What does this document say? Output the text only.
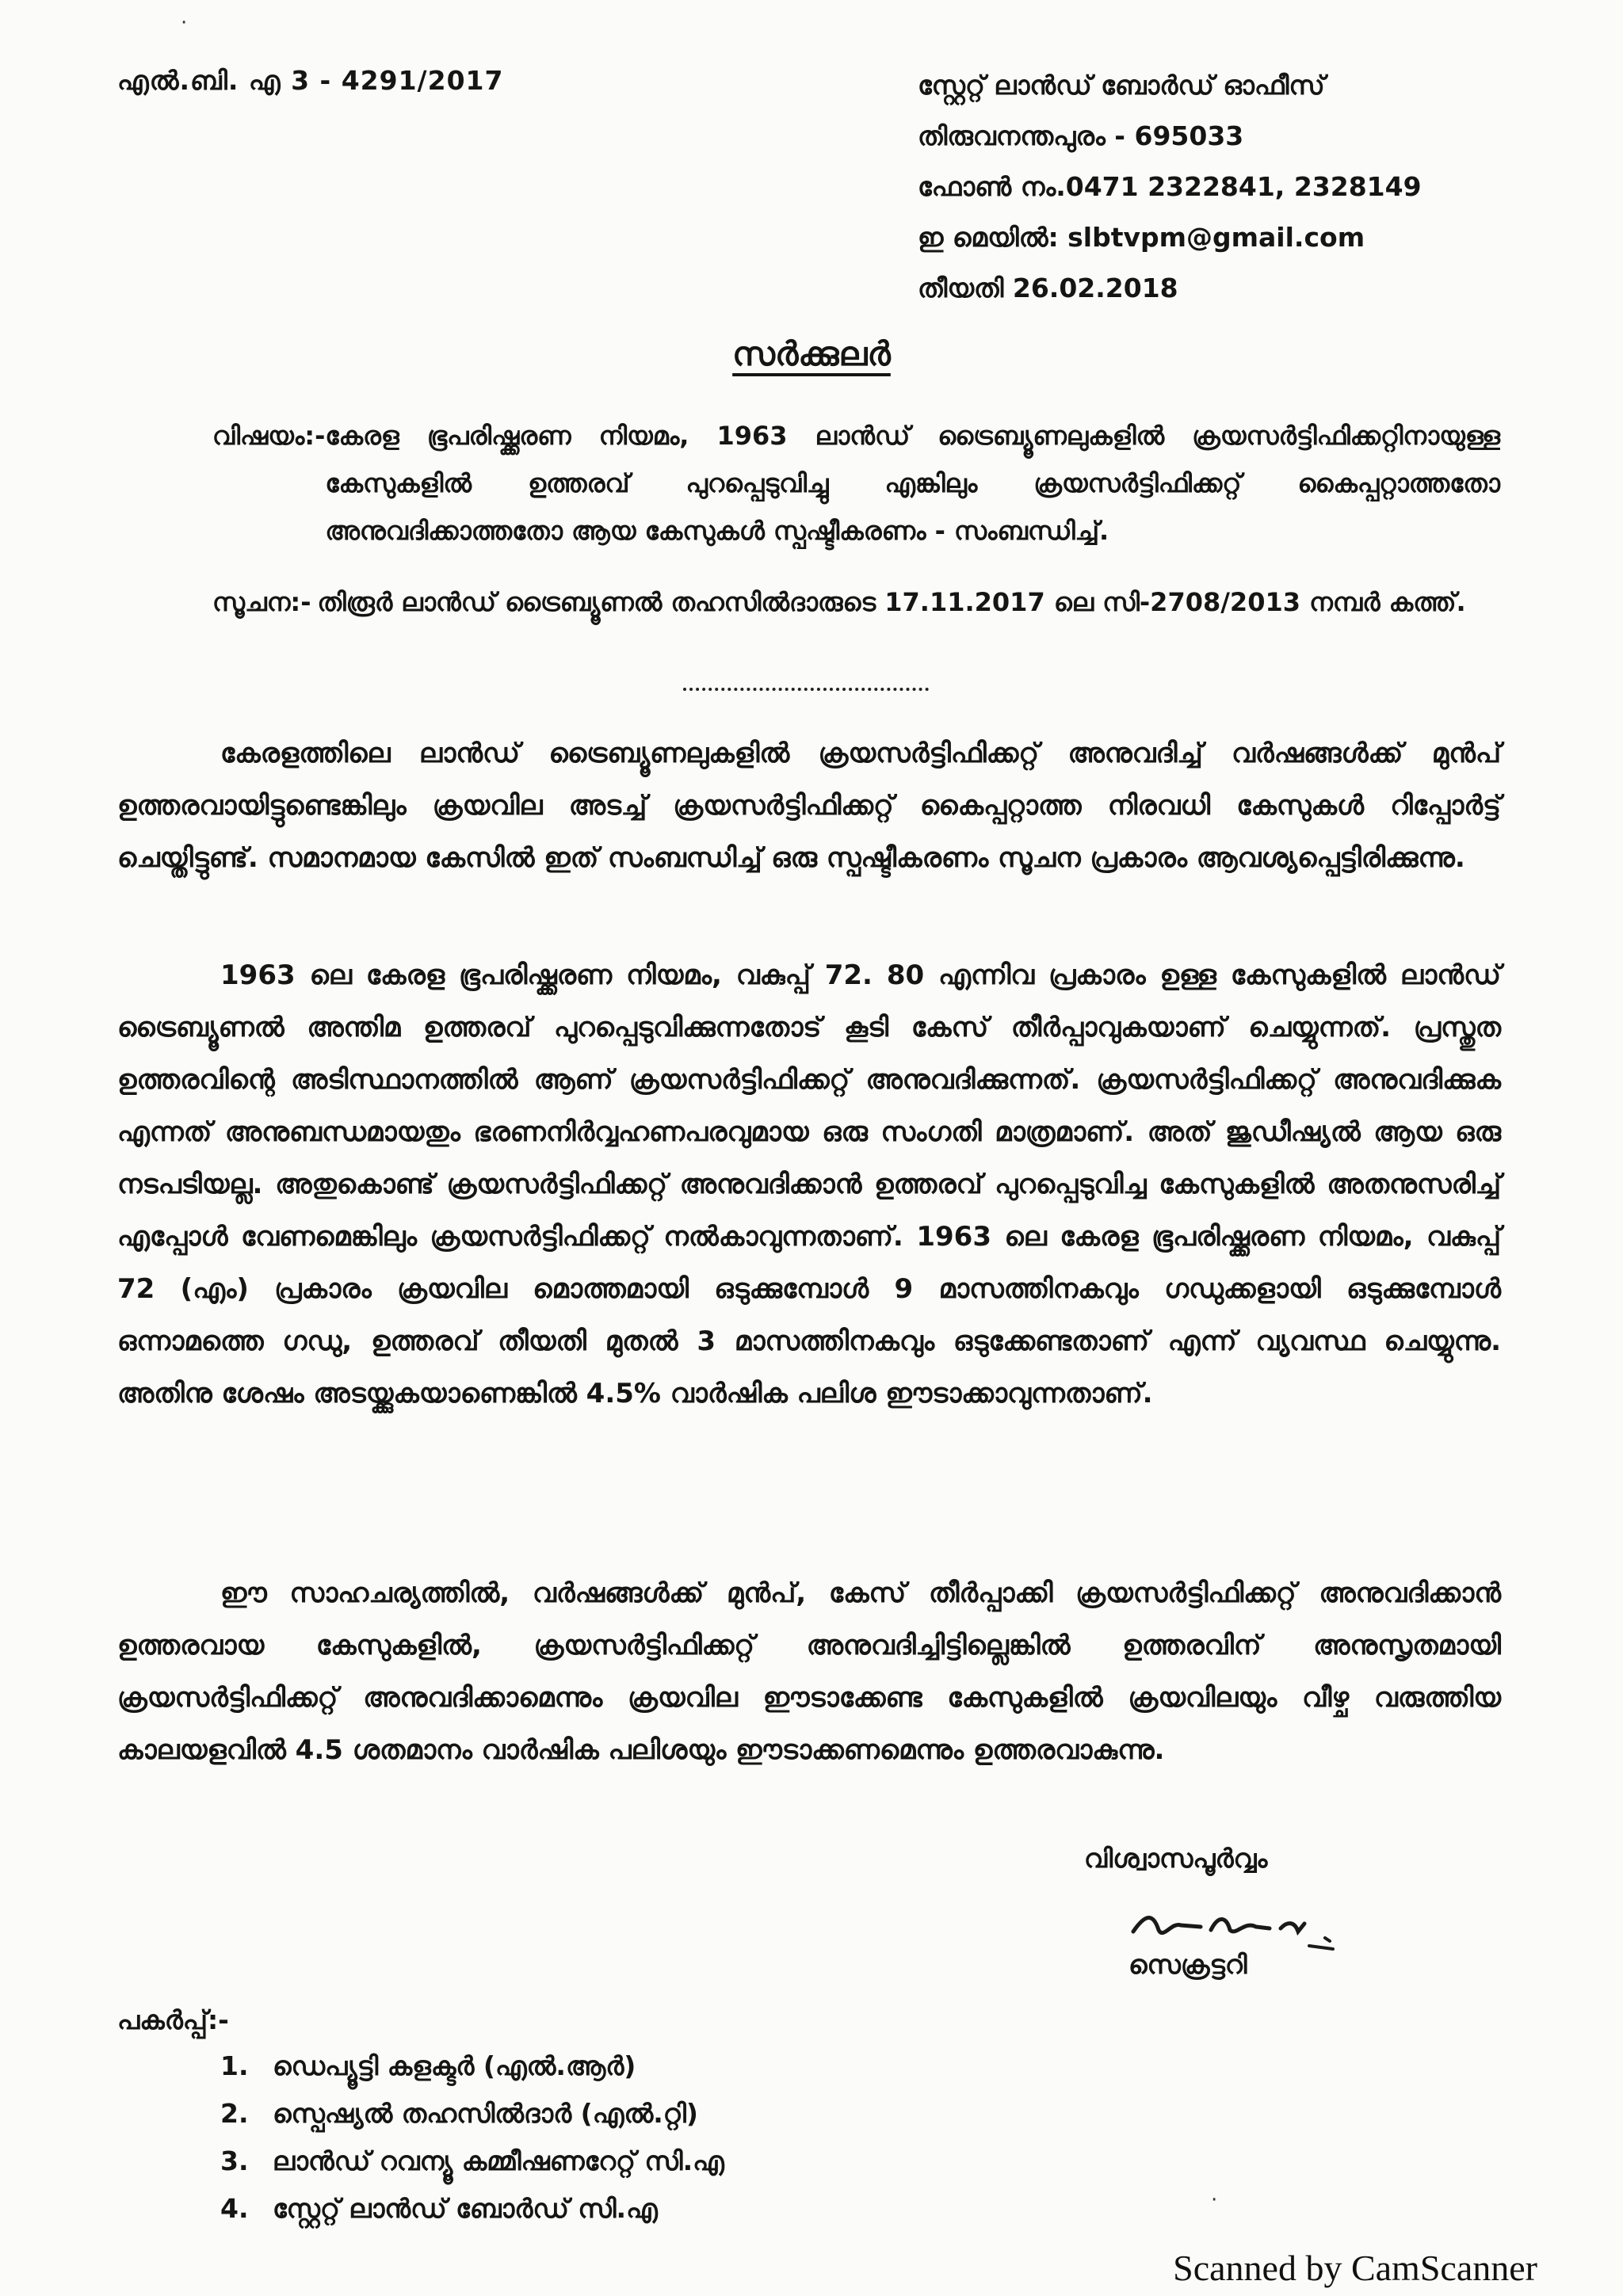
എൽ.ബി. എ 3 - 4291/2017	സ്റ്റേറ്റ് ലാൻഡ് ബോർഡ് ഓഫീസ്
തിരുവനന്തപുരം - 695033
ഫോൺ നം.0471 2322841, 2328149
ഇ മെയിൽ: slbtvpm@gmail.com
തീയതി 26.02.2018
സർക്കുലർ
വിഷയം:- കേരള ഭൂപരിഷ്ക്കരണ നിയമം, 1963 ലാൻഡ് ട്രൈബ്യൂണലുകളിൽ ക്രയസർട്ടിഫിക്കറ്റിനായുള്ള കേസുകളിൽ ഉത്തരവ് പുറപ്പെടുവിച്ചു എങ്കിലും ക്രയസർട്ടിഫിക്കറ്റ് കൈപ്പറ്റാത്തതോ അനുവദിക്കാത്തതോ ആയ കേസുകൾ സ്പഷ്ടീകരണം - സംബന്ധിച്ച്.
സൂചന:- തിരൂർ ലാൻഡ് ട്രൈബ്യൂണൽ തഹസിൽദാരുടെ 17.11.2017 ലെ സി-2708/2013 നമ്പർ കത്ത്.

കേരളത്തിലെ ലാൻഡ് ട്രൈബ്യൂണലുകളിൽ ക്രയസർട്ടിഫിക്കറ്റ് അനുവദിച്ച് വർഷങ്ങൾക്ക് മുൻപ് ഉത്തരവായിട്ടുണ്ടെങ്കിലും ക്രയവില അടച്ച് ക്രയസർട്ടിഫിക്കറ്റ് കൈപ്പറ്റാത്ത നിരവധി കേസുകൾ റിപ്പോർട്ട് ചെയ്തിട്ടുണ്ട്. സമാനമായ കേസിൽ ഇത് സംബന്ധിച്ച് ഒരു സ്പഷ്ടീകരണം സൂചന പ്രകാരം ആവശ്യപ്പെട്ടിരിക്കുന്നു.

1963 ലെ കേരള ഭൂപരിഷ്ക്കരണ നിയമം, വകുപ്പ് 72. 80 എന്നിവ പ്രകാരം ഉള്ള കേസുകളിൽ ലാൻഡ് ട്രൈബ്യൂണൽ അന്തിമ ഉത്തരവ് പുറപ്പെടുവിക്കുന്നതോട് കൂടി കേസ് തീർപ്പാവുകയാണ് ചെയ്യുന്നത്. പ്രസ്തുത ഉത്തരവിന്റെ അടിസ്ഥാനത്തിൽ ആണ് ക്രയസർട്ടിഫിക്കറ്റ് അനുവദിക്കുന്നത്. ക്രയസർട്ടിഫിക്കറ്റ് അനുവദിക്കുക എന്നത് അനുബന്ധമായതും ഭരണനിർവ്വഹണപരവുമായ ഒരു സംഗതി മാത്രമാണ്. അത് ജുഡീഷ്യൽ ആയ ഒരു നടപടിയല്ല. അതുകൊണ്ട് ക്രയസർട്ടിഫിക്കറ്റ് അനുവദിക്കാൻ ഉത്തരവ് പുറപ്പെടുവിച്ച കേസുകളിൽ അതനുസരിച്ച് എപ്പോൾ വേണമെങ്കിലും ക്രയസർട്ടിഫിക്കറ്റ് നൽകാവുന്നതാണ്. 1963 ലെ കേരള ഭൂപരിഷ്ക്കരണ നിയമം, വകുപ്പ് 72 (എം) പ്രകാരം ക്രയവില മൊത്തമായി ഒടുക്കുമ്പോൾ 9 മാസത്തിനകവും ഗഡുക്കളായി ഒടുക്കുമ്പോൾ ഒന്നാമത്തെ ഗഡു, ഉത്തരവ് തീയതി മുതൽ 3 മാസത്തിനകവും ഒടുക്കേണ്ടതാണ് എന്ന് വ്യവസ്ഥ ചെയ്യുന്നു. അതിനു ശേഷം അടയ്ക്കുകയാണെങ്കിൽ 4.5% വാർഷിക പലിശ ഈടാക്കാവുന്നതാണ്.

ഈ സാഹചര്യത്തിൽ, വർഷങ്ങൾക്ക് മുൻപ്, കേസ് തീർപ്പാക്കി ക്രയസർട്ടിഫിക്കറ്റ് അനുവദിക്കാൻ ഉത്തരവായ കേസുകളിൽ, ക്രയസർട്ടിഫിക്കറ്റ് അനുവദിച്ചിട്ടില്ലെങ്കിൽ ഉത്തരവിന് അനുസൃതമായി ക്രയസർട്ടിഫിക്കറ്റ് അനുവദിക്കാമെന്നും ക്രയവില ഈടാക്കേണ്ട കേസുകളിൽ ക്രയവിലയും വീഴ്ച വരുത്തിയ കാലയളവിൽ 4.5 ശതമാനം വാർഷിക പലിശയും ഈടാക്കണമെന്നും ഉത്തരവാകുന്നു.

വിശ്വാസപൂർവ്വം
സെക്രട്ടറി
പകർപ്പ്:-
1. ഡെപ്യൂട്ടി കളക്ടർ (എൽ.ആർ)
2. സ്പെഷ്യൽ തഹസിൽദാർ (എൽ.റ്റി)
3. ലാൻഡ് റവന്യൂ കമ്മീഷണറേറ്റ് സി.എ
4. സ്റ്റേറ്റ് ലാൻഡ് ബോർഡ് സി.എ
·
·
Scanned by CamScanner
